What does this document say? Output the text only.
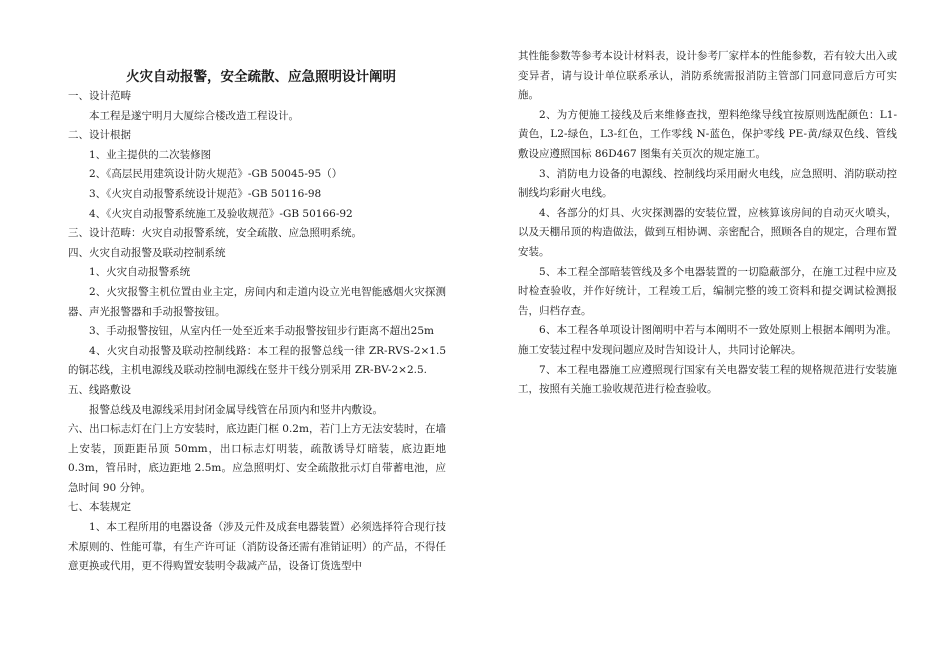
火灾自动报警，安全疏散、应急照明设计阐明

一、设计范畴

本工程是遂宁明月大厦综合楼改造工程设计。

二、设计根据

1、业主提供的二次装修图

2、《高层民用建筑设计防火规范》-GB 50045-95（）

3、《火灾自动报警系统设计规范》-GB 50116-98

4、《火灾自动报警系统施工及验收规范》-GB 50166-92

三、设计范畴：火灾自动报警系统，安全疏散、应急照明系统。

四、火灾自动报警及联动控制系统

1、火灾自动报警系统

2、火灾报警主机位置由业主定，房间内和走道内设立光电智能感烟火灾探测器、声光报警器和手动报警按钮。

3、手动报警按钮，从室内任一处至近来手动报警按钮步行距离不超出25m

4、火灾自动报警及联动控制线路：本工程的报警总线一律 ZR-RVS-2×1.5 的铜芯线，主机电源线及联动控制电源线在竖井干线分别采用 ZR-BV-2×2.5.

五、线路敷设

报警总线及电源线采用封闭金属导线管在吊顶内和竖井内敷设。

六、出口标志灯在门上方安装时，底边距门框 0.2m，若门上方无法安装时，在墙上安装，顶距距吊顶 50mm，出口标志灯明装，疏散诱导灯暗装，底边距地 0.3m，管吊时，底边距地 2.5m。应急照明灯、安全疏散批示灯自带蓄电池，应急时间 90 分钟。

七、本装规定

1、本工程所用的电器设备（涉及元件及成套电器装置）必须选择符合现行技术原则的、性能可靠，有生产许可证（消防设备还需有准销证明）的产品，不得任意更换或代用，更不得购置安装明令裁减产品，设备订货选型中

其性能参数等参考本设计材料表，设计参考厂家样本的性能参数，若有较大出入或变异者，请与设计单位联系承认，消防系统需报消防主管部门同意同意后方可实施。

2、为方便施工接线及后来维修查找，塑料绝缘导线宜按原则选配颜色：L1-黄色，L2-绿色，L3-红色，工作零线 N-蓝色，保护零线 PE-黄/绿双色线、管线敷设应遵照国标 86D467 图集有关页次的规定施工。

3、消防电力设备的电源线、控制线均采用耐火电线，应急照明、消防联动控制线均彩耐火电线。

4、各部分的灯具、火灾探测器的安装位置，应核算该房间的自动灭火喷头，以及天棚吊顶的构造做法，做到互相协调、亲密配合，照顾各自的规定，合理布置安装。

5、本工程全部暗装管线及多个电器装置的一切隐蔽部分，在施工过程中应及时检查验收，并作好统计，工程竣工后，编制完整的竣工资料和提交调试检测报告，归档存查。

6、本工程各单项设计图阐明中若与本阐明不一致处原则上根据本阐明为准。施工安装过程中发现问题应及时告知设计人，共同讨论解决。

7、本工程电器施工应遵照现行国家有关电器安装工程的规格规范进行安装施工，按照有关施工验收规范进行检查验收。
